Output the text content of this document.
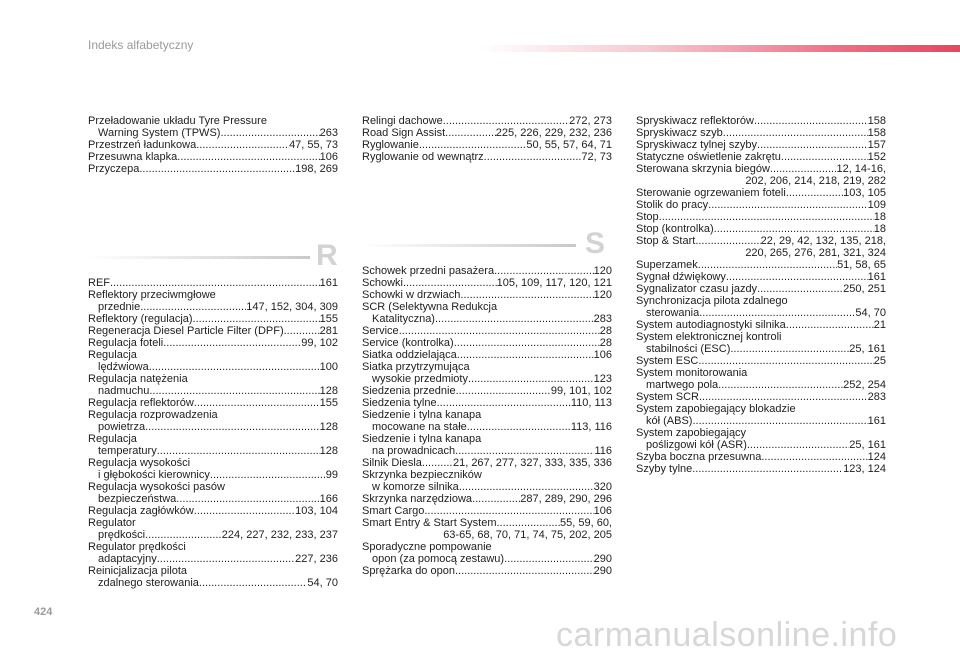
Indeks alfabetyczny
Przeładowanie układu Tyre Pressure
Warning System (TPWS) .....	263
Przestrzeń ładunkowa .....	47, 55, 73
Przesuwna klapka .....	106
Przyczepa .....	198, 269
R
REF .....	161
Reflektory przeciwmgłowe
przednie .....	147, 152, 304, 309
Reflektory (regulacja) .....	155
Regeneracja Diesel Particle Filter (DPF) .....	281
Regulacja foteli .....	99, 102
Regulacja
lędźwiowa .....	100
Regulacja natężenia
nadmuchu .....	128
Regulacja reflektorów .....	155
Regulacja rozprowadzenia
powietrza .....	128
Regulacja
temperatury .....	128
Regulacja wysokości
i głębokości kierownicy .....	99
Regulacja wysokości pasów
bezpieczeństwa .....	166
Regulacja zagłówków .....	103, 104
Regulator
prędkości .....	224, 227, 232, 233, 237
Regulator prędkości
adaptacyjny .....	227, 236
Reinicjalizacja pilota
zdalnego sterowania .....	54, 70
Relingi dachowe .....	272, 273
Road Sign Assist .....	225, 226, 229, 232, 236
Ryglowanie .....	50, 55, 57, 64, 71
Ryglowanie od wewnątrz .....	72, 73
S
Schowek przedni pasażera .....	120
Schowki .....	105, 109, 117, 120, 121
Schowki w drzwiach .....	120
SCR (Selektywna Redukcja
Katalityczna) .....	283
Service .....	28
Service (kontrolka) .....	28
Siatka oddzielająca .....	106
Siatka przytrzymująca
wysokie przedmioty .....	123
Siedzenia przednie .....	99, 101, 102
Siedzenia tylne .....	110, 113
Siedzenie i tylna kanapa
mocowane na stałe .....	113, 116
Siedzenie i tylna kanapa
na prowadnicach .....	116
Silnik Diesla .....	21, 267, 277, 327, 333, 335, 336
Skrzynka bezpieczników
w komorze silnika .....	320
Skrzynka narzędziowa .....	287, 289, 290, 296
Smart Cargo .....	106
Smart Entry & Start System .....	55, 59, 60,
63-65, 68, 70, 71, 74, 75, 202, 205
Sporadyczne pompowanie
opon (za pomocą zestawu) .....	290
Sprężarka do opon .....	290
Spryskiwacz reflektorów .....	158
Spryskiwacz szyb .....	158
Spryskiwacz tylnej szyby .....	157
Statyczne oświetlenie zakrętu .....	152
Sterowana skrzynia biegów .....	12, 14-16,
202, 206, 214, 218, 219, 282
Sterowanie ogrzewaniem foteli .....	103, 105
Stolik do pracy .....	109
Stop .....	18
Stop (kontrolka) .....	18
Stop & Start .....	22, 29, 42, 132, 135, 218,
220, 265, 276, 281, 321, 324
Superzamek .....	51, 58, 65
Sygnał dźwiękowy .....	161
Sygnalizator czasu jazdy .....	250, 251
Synchronizacja pilota zdalnego
sterowania .....	54, 70
System autodiagnostyki silnika .....	21
System elektronicznej kontroli
stabilności (ESC) .....	25, 161
System ESC .....	25
System monitorowania
martwego pola .....	252, 254
System SCR .....	283
System zapobiegający blokadzie
kół (ABS) .....	161
System zapobiegający
poślizgowi kół (ASR) .....	25, 161
Szyba boczna przesuwna .....	124
Szyby tylne .....	123, 124
424
carmanualsonline.info
